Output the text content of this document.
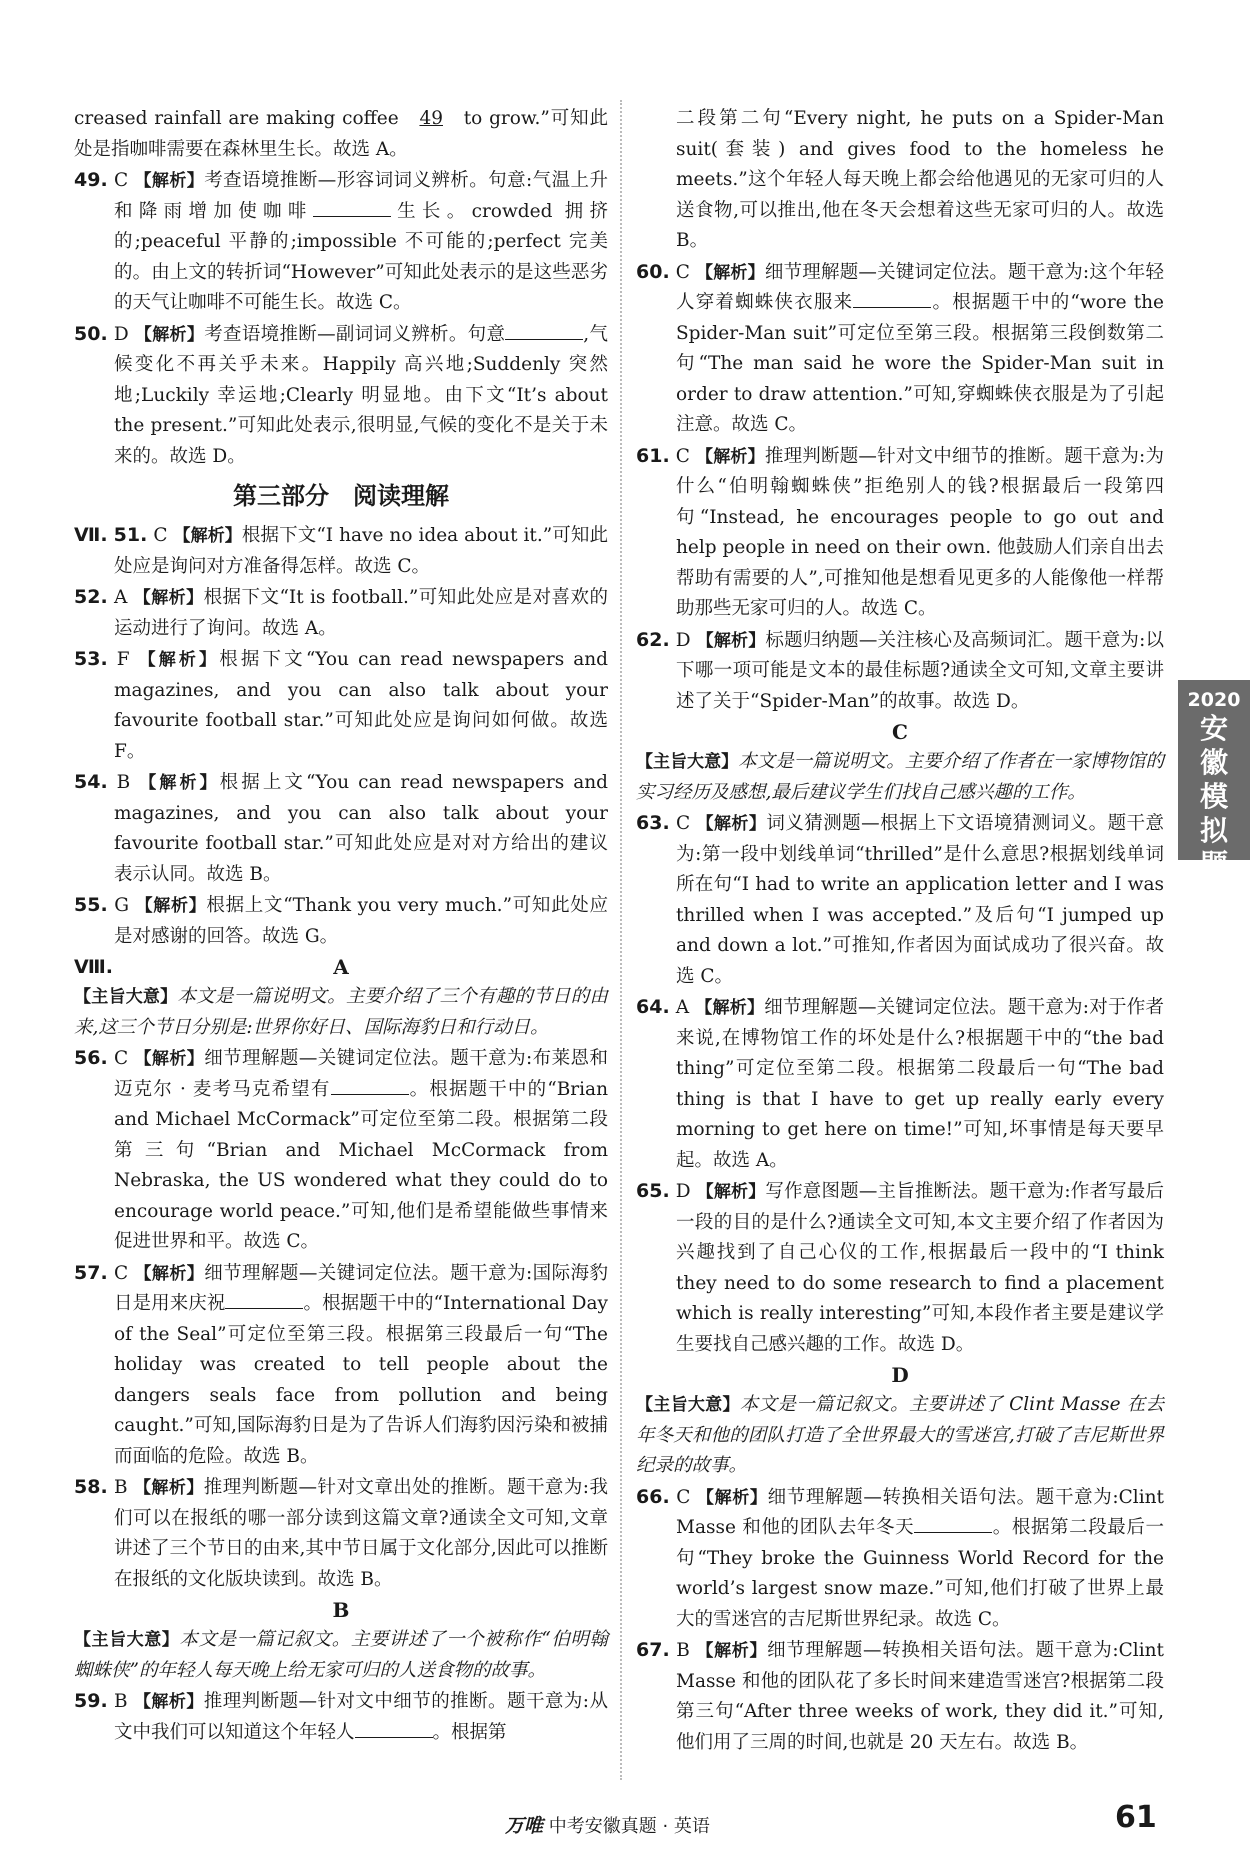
creased rainfall are making coffee 49 to grow.”可知此处是指咖啡需要在森林里生长。故选 A。

49. C 【解析】考查语境推断—形容词词义辨析。句意:气温上升和降雨增加使咖啡	生长。crowded 拥挤的;peaceful 平静的;impossible 不可能的;perfect 完美的。由上文的转折词“However”可知此处表示的是这些恶劣的天气让咖啡不可能生长。故选 C。

50. D 【解析】考查语境推断—副词词义辨析。句意	,气候变化不再关乎未来。Happily 高兴地;Suddenly 突然地;Luckily 幸运地;Clearly 明显地。由下文“It’s about the present.”可知此处表示,很明显,气候的变化不是关于未来的。故选 D。

第三部分　阅读理解

Ⅶ. 51. C 【解析】根据下文“I have no idea about it.”可知此处应是询问对方准备得怎样。故选 C。

52. A 【解析】根据下文“It is football.”可知此处应是对喜欢的运动进行了询问。故选 A。

53. F 【解析】根据下文“You can read newspapers and magazines, and you can also talk about your favourite football star.”可知此处应是询问如何做。故选 F。

54. B 【解析】根据上文“You can read newspapers and magazines, and you can also talk about your favourite football star.”可知此处应是对对方给出的建议表示认同。故选 B。

55. G 【解析】根据上文“Thank you very much.”可知此处应是对感谢的回答。故选 G。

Ⅷ.	A

【主旨大意】本文是一篇说明文。主要介绍了三个有趣的节日的由来,这三个节日分别是:世界你好日、国际海豹日和行动日。

56. C 【解析】细节理解题—关键词定位法。题干意为:布莱恩和迈克尔 · 麦考马克希望有	。根据题干中的“Brian and Michael McCormack”可定位至第二段。根据第二段第三句“Brian and Michael McCormack from Nebraska, the US wondered what they could do to encourage world peace.”可知,他们是希望能做些事情来促进世界和平。故选 C。

57. C 【解析】细节理解题—关键词定位法。题干意为:国际海豹日是用来庆祝	。根据题干中的“International Day of the Seal”可定位至第三段。根据第三段最后一句“The holiday was created to tell people about the dangers seals face from pollution and being caught.”可知,国际海豹日是为了告诉人们海豹因污染和被捕而面临的危险。故选 B。

58. B 【解析】推理判断题—针对文章出处的推断。题干意为:我们可以在报纸的哪一部分读到这篇文章?通读全文可知,文章讲述了三个节日的由来,其中节日属于文化部分,因此可以推断在报纸的文化版块读到。故选 B。

B

【主旨大意】本文是一篇记叙文。主要讲述了一个被称作“伯明翰蜘蛛侠”的年轻人每天晚上给无家可归的人送食物的故事。

59. B 【解析】推理判断题—针对文中细节的推断。题干意为:从文中我们可以知道这个年轻人	。根据第

二段第二句“Every night, he puts on a Spider-Man suit(套装) and gives food to the homeless he meets.”这个年轻人每天晚上都会给他遇见的无家可归的人送食物,可以推出,他在冬天会想着这些无家可归的人。故选 B。

60. C 【解析】细节理解题—关键词定位法。题干意为:这个年轻人穿着蜘蛛侠衣服来	。根据题干中的“wore the Spider-Man suit”可定位至第三段。根据第三段倒数第二句“The man said he wore the Spider-Man suit in order to draw attention.”可知,穿蜘蛛侠衣服是为了引起注意。故选 C。

61. C 【解析】推理判断题—针对文中细节的推断。题干意为:为什么“伯明翰蜘蛛侠”拒绝别人的钱?根据最后一段第四句“Instead, he encourages people to go out and help people in need on their own. 他鼓励人们亲自出去帮助有需要的人”,可推知他是想看见更多的人能像他一样帮助那些无家可归的人。故选 C。

62. D 【解析】标题归纳题—关注核心及高频词汇。题干意为:以下哪一项可能是文本的最佳标题?通读全文可知,文章主要讲述了关于“Spider-Man”的故事。故选 D。

C

【主旨大意】本文是一篇说明文。主要介绍了作者在一家博物馆的实习经历及感想,最后建议学生们找自己感兴趣的工作。

63. C 【解析】词义猜测题—根据上下文语境猜测词义。题干意为:第一段中划线单词“thrilled”是什么意思?根据划线单词所在句“I had to write an application letter and I was thrilled when I was accepted.”及后句“I jumped up and down a lot.”可推知,作者因为面试成功了很兴奋。故选 C。

64. A 【解析】细节理解题—关键词定位法。题干意为:对于作者来说,在博物馆工作的坏处是什么?根据题干中的“the bad thing”可定位至第二段。根据第二段最后一句“The bad thing is that I have to get up really early every morning to get here on time!”可知,坏事情是每天要早起。故选 A。

65. D 【解析】写作意图题—主旨推断法。题干意为:作者写最后一段的目的是什么?通读全文可知,本文主要介绍了作者因为兴趣找到了自己心仪的工作,根据最后一段中的“I think they need to do some research to find a placement which is really interesting”可知,本段作者主要是建议学生要找自己感兴趣的工作。故选 D。

D

【主旨大意】本文是一篇记叙文。主要讲述了 Clint Masse 在去年冬天和他的团队打造了全世界最大的雪迷宫,打破了吉尼斯世界纪录的故事。

66. C 【解析】细节理解题—转换相关语句法。题干意为:Clint Masse 和他的团队去年冬天	。根据第二段最后一句“They broke the Guinness World Record for the world’s largest snow maze.”可知,他们打破了世界上最大的雪迷宫的吉尼斯世界纪录。故选 C。

67. B 【解析】细节理解题—转换相关语句法。题干意为:Clint Masse 和他的团队花了多长时间来建造雪迷宫?根据第二段第三句“After three weeks of work, they did it.”可知,他们用了三周的时间,也就是 20 天左右。故选 B。

2020
安
徽
模
拟
题
万唯 中考安徽真题 · 英语	61
